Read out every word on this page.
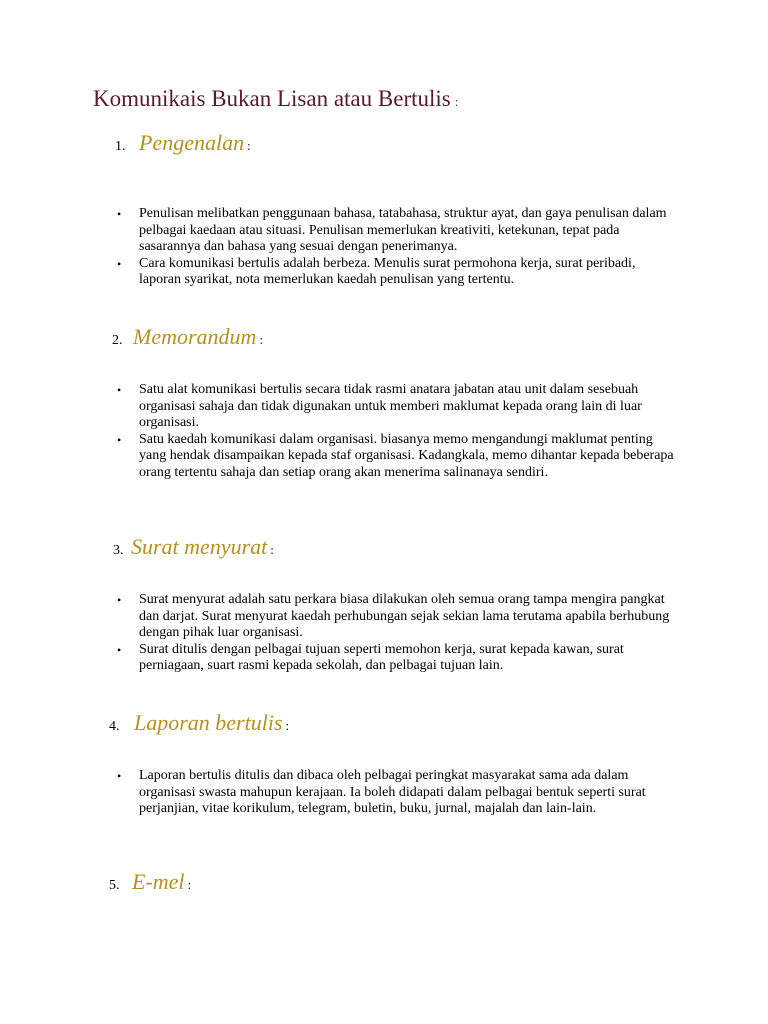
Komunikais Bukan Lisan atau Bertulis :
1. Pengenalan :
• Penulisan melibatkan penggunaan bahasa, tatabahasa, struktur ayat, dan gaya penulisan dalam pelbagai kaedaan atau situasi. Penulisan memerlukan kreativiti, ketekunan, tepat pada sasarannya dan bahasa yang sesuai dengan penerimanya.
• Cara komunikasi bertulis adalah berbeza. Menulis surat permohona kerja, surat peribadi, laporan syarikat, nota memerlukan kaedah penulisan yang tertentu.
2. Memorandum :
• Satu alat komunikasi bertulis secara tidak rasmi anatara jabatan atau unit dalam sesebuah organisasi sahaja dan tidak digunakan untuk memberi maklumat kepada orang lain di luar organisasi.
• Satu kaedah komunikasi dalam organisasi. biasanya memo mengandungi maklumat penting yang hendak disampaikan kepada staf organisasi. Kadangkala, memo dihantar kepada beberapa orang tertentu sahaja dan setiap orang akan menerima salinanaya sendiri.
3. Surat menyurat :
• Surat menyurat adalah satu perkara biasa dilakukan oleh semua orang tampa mengira pangkat dan darjat. Surat menyurat kaedah perhubungan sejak sekian lama terutama apabila berhubung dengan pihak luar organisasi.
• Surat ditulis dengan pelbagai tujuan seperti memohon kerja, surat kepada kawan, surat perniagaan, suart rasmi kepada sekolah, dan pelbagai tujuan lain.
4. Laporan bertulis :
• Laporan bertulis ditulis dan dibaca oleh pelbagai peringkat masyarakat sama ada dalam organisasi swasta mahupun kerajaan. Ia boleh didapati dalam pelbagai bentuk seperti surat perjanjian, vitae korikulum, telegram, buletin, buku, jurnal, majalah dan lain-lain.
5. E-mel :
